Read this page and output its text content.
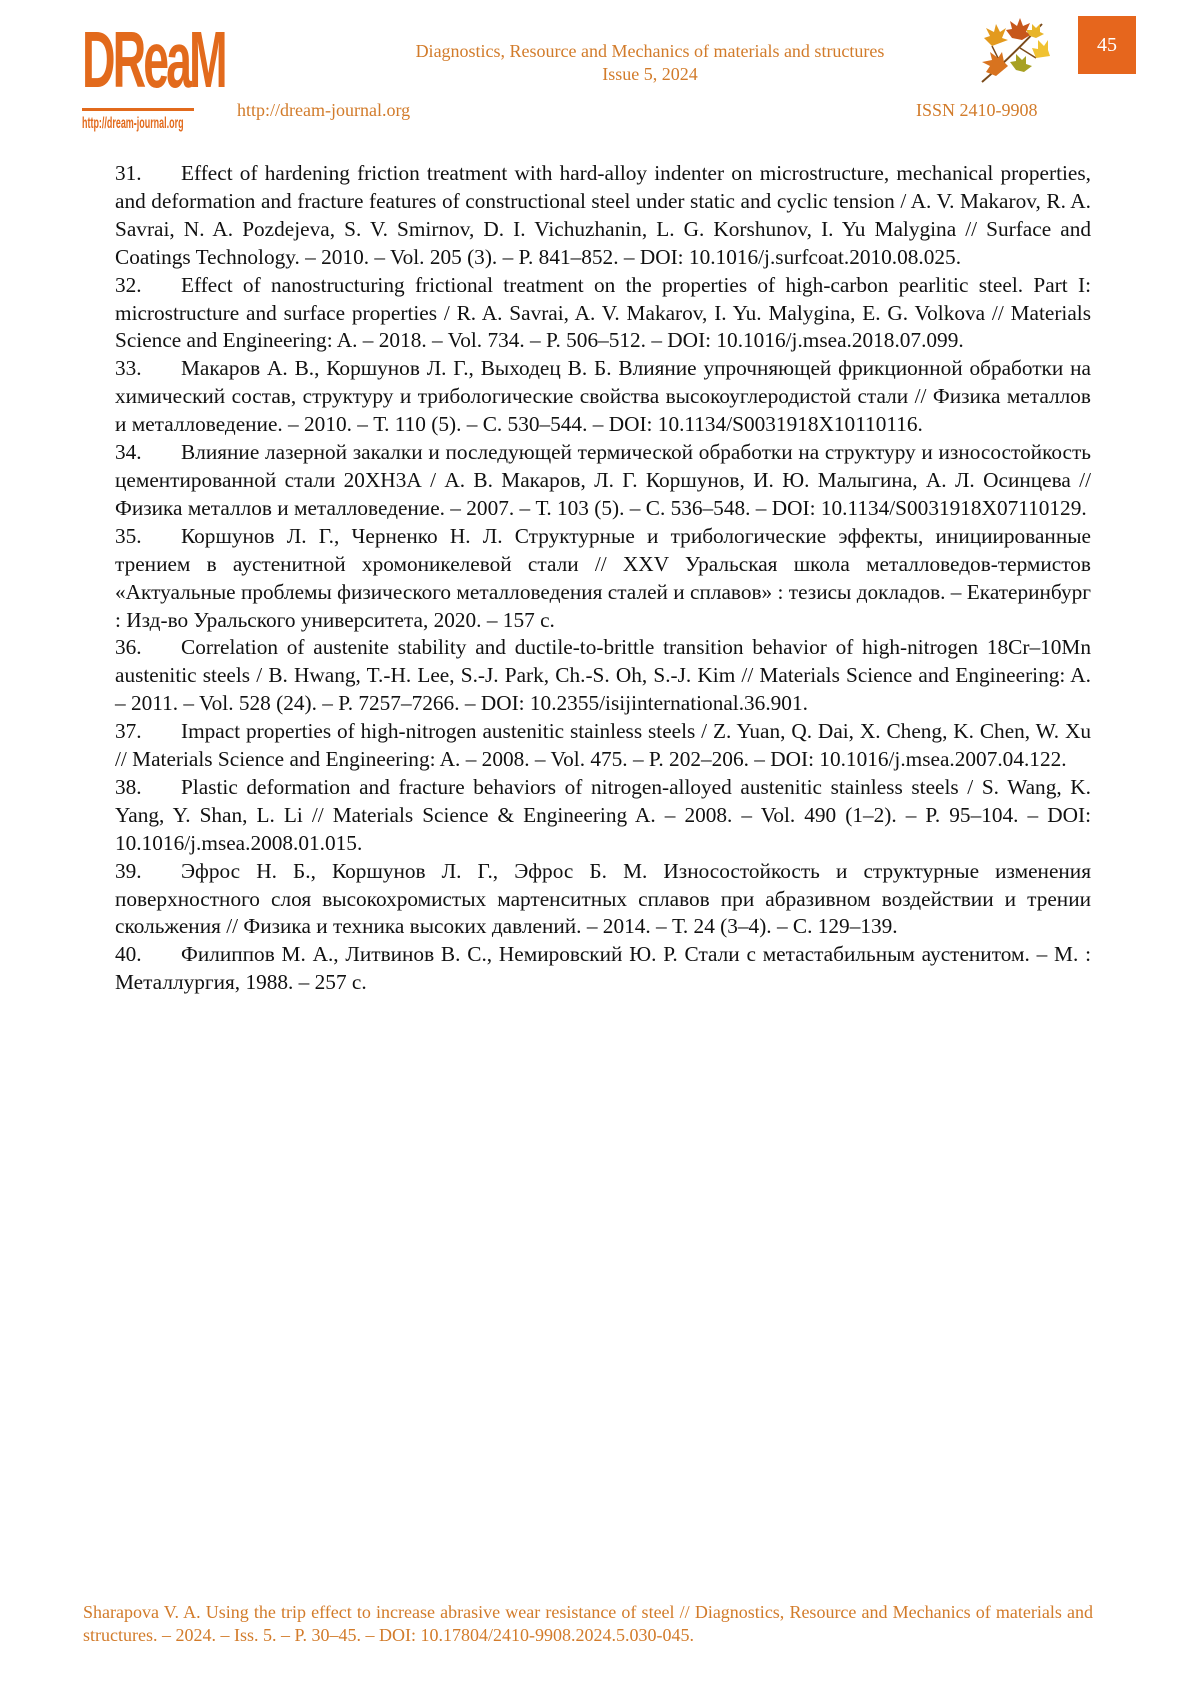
DReaM
http://dream-journal.org
Diagnostics, Resource and Mechanics of materials and structures
Issue 5, 2024
http://dream-journal.org	ISSN 2410-9908
45

31. Effect of hardening friction treatment with hard-alloy indenter on microstructure, mechanical properties, and deformation and fracture features of constructional steel under static and cyclic tension / A. V. Makarov, R. A. Savrai, N. A. Pozdejeva, S. V. Smirnov, D. I. Vichuzhanin, L. G. Korshunov, I. Yu Malygina // Surface and Coatings Technology. – 2010. – Vol. 205 (3). – P. 841–852. – DOI: 10.1016/j.surfcoat.2010.08.025.

32. Effect of nanostructuring frictional treatment on the properties of high-carbon pearlitic steel. Part I: microstructure and surface properties / R. A. Savrai, A. V. Makarov, I. Yu. Malygina, E. G. Volkova // Materials Science and Engineering: A. – 2018. – Vol. 734. – P. 506–512. – DOI: 10.1016/j.msea.2018.07.099.

33. Макаров А. В., Коршунов Л. Г., Выходец В. Б. Влияние упрочняющей фрикционной обработки на химический состав, структуру и трибологические свойства высокоуглеродистой стали // Физика металлов и металловедение. – 2010. – Т. 110 (5). – С. 530–544. – DOI: 10.1134/S0031918X10110116.

34. Влияние лазерной закалки и последующей термической обработки на структуру и износостойкость цементированной стали 20ХН3А / А. В. Макаров, Л. Г. Коршунов, И. Ю. Малыгина, А. Л. Осинцева // Физика металлов и металловедение. – 2007. – Т. 103 (5). – С. 536–548. – DOI: 10.1134/S0031918X07110129.

35. Коршунов Л. Г., Черненко Н. Л. Структурные и трибологические эффекты, инициированные трением в аустенитной хромоникелевой стали // XXV Уральская школа металловедов-термистов «Актуальные проблемы физического металловедения сталей и сплавов» : тезисы докладов. – Екатеринбург : Изд-во Уральского университета, 2020. – 157 с.

36. Correlation of austenite stability and ductile-to-brittle transition behavior of high-nitrogen 18Cr–10Mn austenitic steels / B. Hwang, T.-H. Lee, S.-J. Park, Ch.-S. Oh, S.-J. Kim // Materials Science and Engineering: A. – 2011. – Vol. 528 (24). – P. 7257–7266. – DOI: 10.2355/isijinternational.36.901.

37. Impact properties of high-nitrogen austenitic stainless steels / Z. Yuan, Q. Dai, X. Cheng, K. Chen, W. Xu // Materials Science and Engineering: A. – 2008. – Vol. 475. – P. 202–206. – DOI: 10.1016/j.msea.2007.04.122.

38. Plastic deformation and fracture behaviors of nitrogen-alloyed austenitic stainless steels / S. Wang, K. Yang, Y. Shan, L. Li // Materials Science & Engineering A. – 2008. – Vol. 490 (1–2). – P. 95–104. – DOI: 10.1016/j.msea.2008.01.015.

39. Эфрос Н. Б., Коршунов Л. Г., Эфрос Б. М. Износостойкость и структурные изменения поверхностного слоя высокохромистых мартенситных сплавов при абразивном воздействии и трении скольжения // Физика и техника высоких давлений. – 2014. – Т. 24 (3–4). – С. 129–139.

40. Филиппов М. А., Литвинов В. С., Немировский Ю. Р. Стали с метастабильным аустенитом. – М. : Металлургия, 1988. – 257 с.

Sharapova V. A. Using the trip effect to increase abrasive wear resistance of steel // Diagnostics, Resource and Mechanics of materials and structures. – 2024. – Iss. 5. – P. 30–45. – DOI: 10.17804/2410-9908.2024.5.030-045.
